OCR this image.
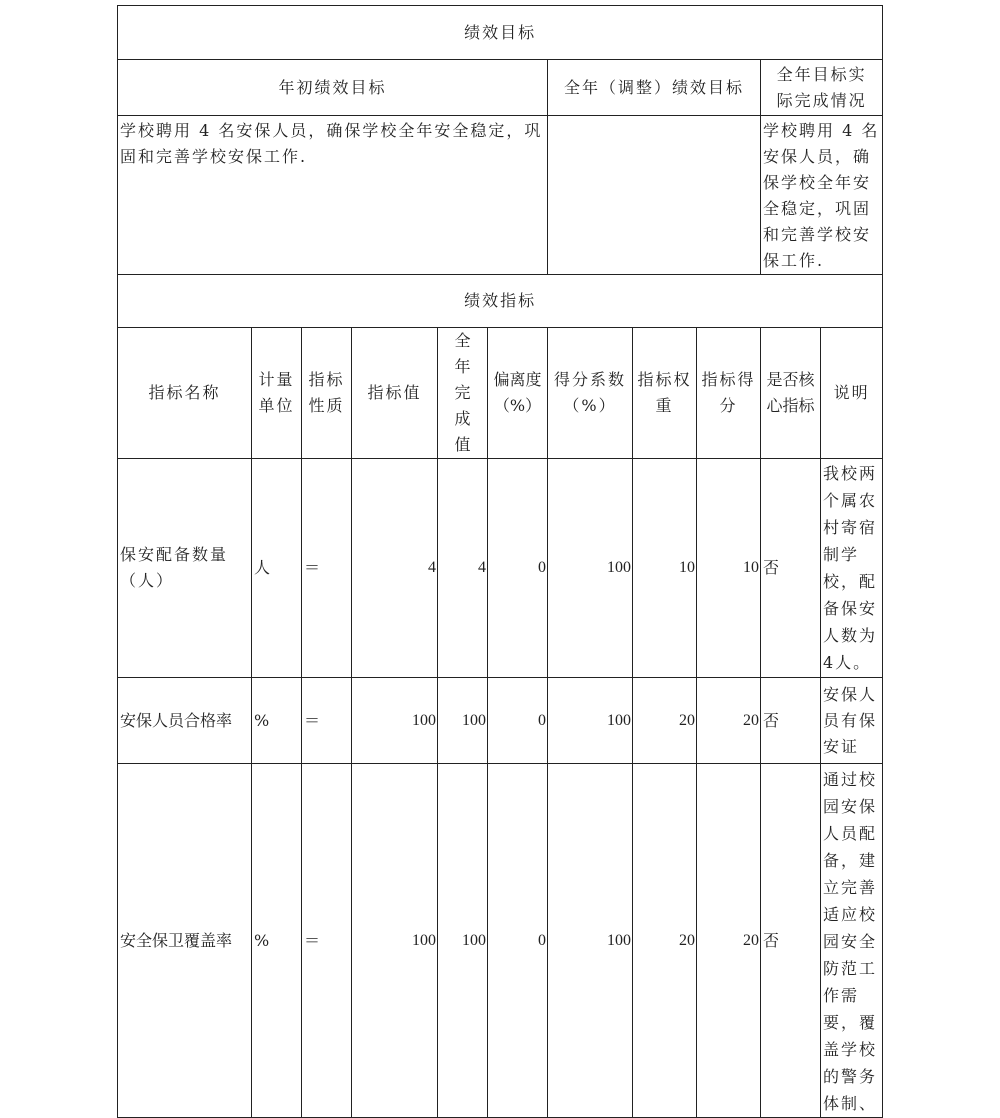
绩效目标										
年初绩效目标						全年（调整）绩效目标			全年目标实际完成情况	
学校聘用 4 名安保人员，确保学校全年安全稳定，巩固和完善学校安保工作.									学校聘用 4 名安保人员，确保学校全年安全稳定，巩固和完善学校安保工作.	
绩效指标										
指标名称	计量单位	指标性质	指标值	全年完成值	偏离度（%）	得分系数（%）	指标权重	指标得分	是否核心指标	说明
保安配备数量（人）	人	＝	4	4	0	100	10	10	否	我校两个属农村寄宿制学校，配备保安人数为4人。
安保人员合格率	%	＝	100	100	0	100	20	20	否	安保人员有保安证
安全保卫覆盖率	%	＝	100	100	0	100	20	20	否	通过校园安保人员配备，建立完善适应校园安全防范工作需要，覆盖学校的警务体制、
